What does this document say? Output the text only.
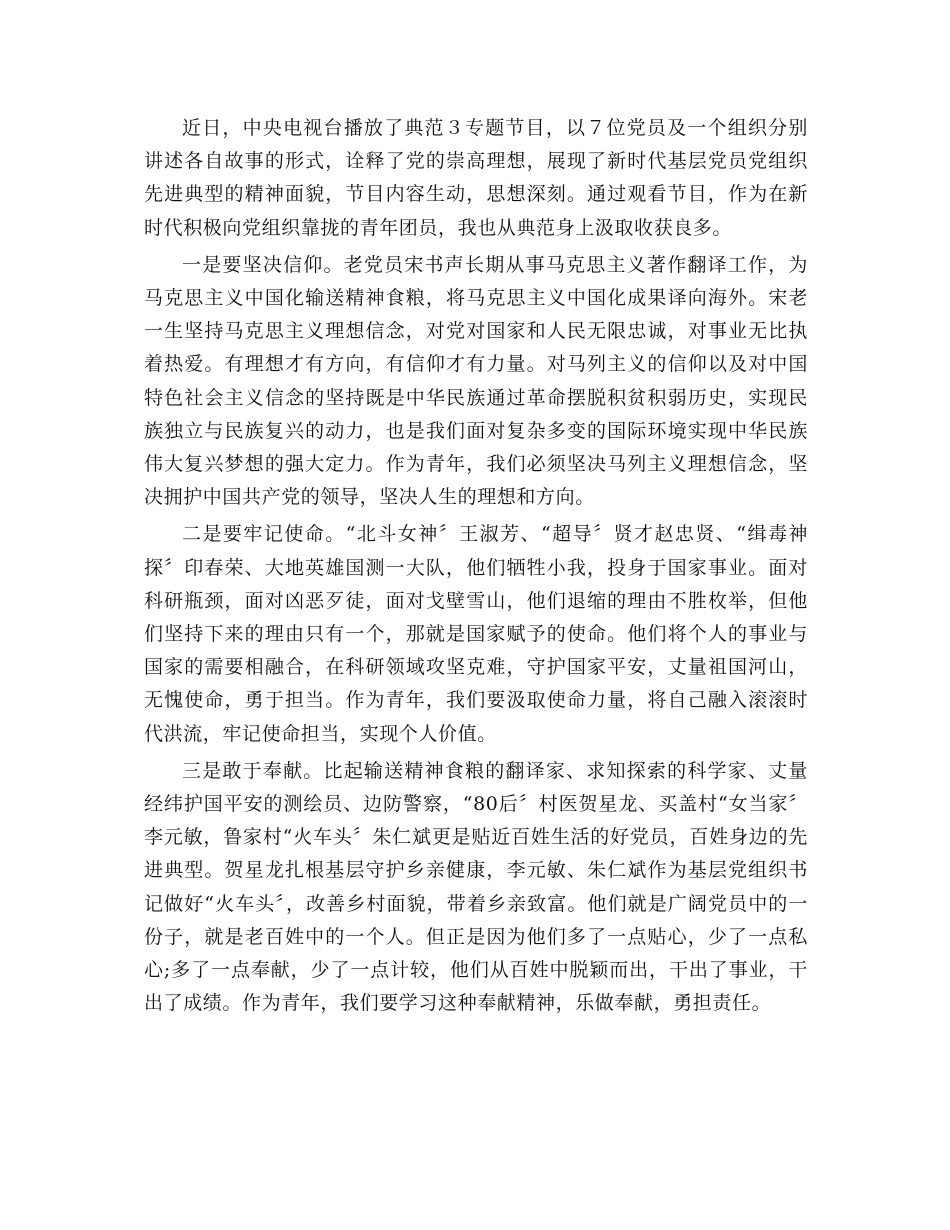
近日，中央电视台播放了典范３专题节目，以７位党员及一个组织分别讲述各自故事的形式，诠释了党的崇高理想，展现了新时代基层党员党组织先进典型的精神面貌，节目内容生动，思想深刻。通过观看节目，作为在新时代积极向党组织靠拢的青年团员，我也从典范身上汲取收获良多。

一是要坚决信仰。老党员宋书声长期从事马克思主义著作翻译工作，为马克思主义中国化输送精神食粮，将马克思主义中国化成果译向海外。宋老一生坚持马克思主义理想信念，对党对国家和人民无限忠诚，对事业无比执着热爱。有理想才有方向，有信仰才有力量。对马列主义的信仰以及对中国特色社会主义信念的坚持既是中华民族通过革命摆脱积贫积弱历史，实现民族独立与民族复兴的动力，也是我们面对复杂多变的国际环境实现中华民族伟大复兴梦想的强大定力。作为青年，我们必须坚决马列主义理想信念，坚决拥护中国共产党的领导，坚决人生的理想和方向。

二是要牢记使命。“北斗女神〞王淑芳、“超导〞贤才赵忠贤、“缉毒神探〞印春荣、大地英雄国测一大队，他们牺牲小我，投身于国家事业。面对科研瓶颈，面对凶恶歹徒，面对戈壁雪山，他们退缩的理由不胜枚举，但他们坚持下来的理由只有一个，那就是国家赋予的使命。他们将个人的事业与国家的需要相融合，在科研领域攻坚克难，守护国家平安，丈量祖国河山，无愧使命，勇于担当。作为青年，我们要汲取使命力量，将自己融入滚滚时代洪流，牢记使命担当，实现个人价值。

三是敢于奉献。比起输送精神食粮的翻译家、求知探索的科学家、丈量经纬护国平安的测绘员、边防警察，“80后〞村医贺星龙、买盖村“女当家〞李元敏，鲁家村“火车头〞朱仁斌更是贴近百姓生活的好党员，百姓身边的先进典型。贺星龙扎根基层守护乡亲健康，李元敏、朱仁斌作为基层党组织书记做好“火车头〞，改善乡村面貌，带着乡亲致富。他们就是广阔党员中的一份子，就是老百姓中的一个人。但正是因为他们多了一点贴心，少了一点私心;多了一点奉献，少了一点计较，他们从百姓中脱颖而出，干出了事业，干出了成绩。作为青年，我们要学习这种奉献精神，乐做奉献，勇担责任。
